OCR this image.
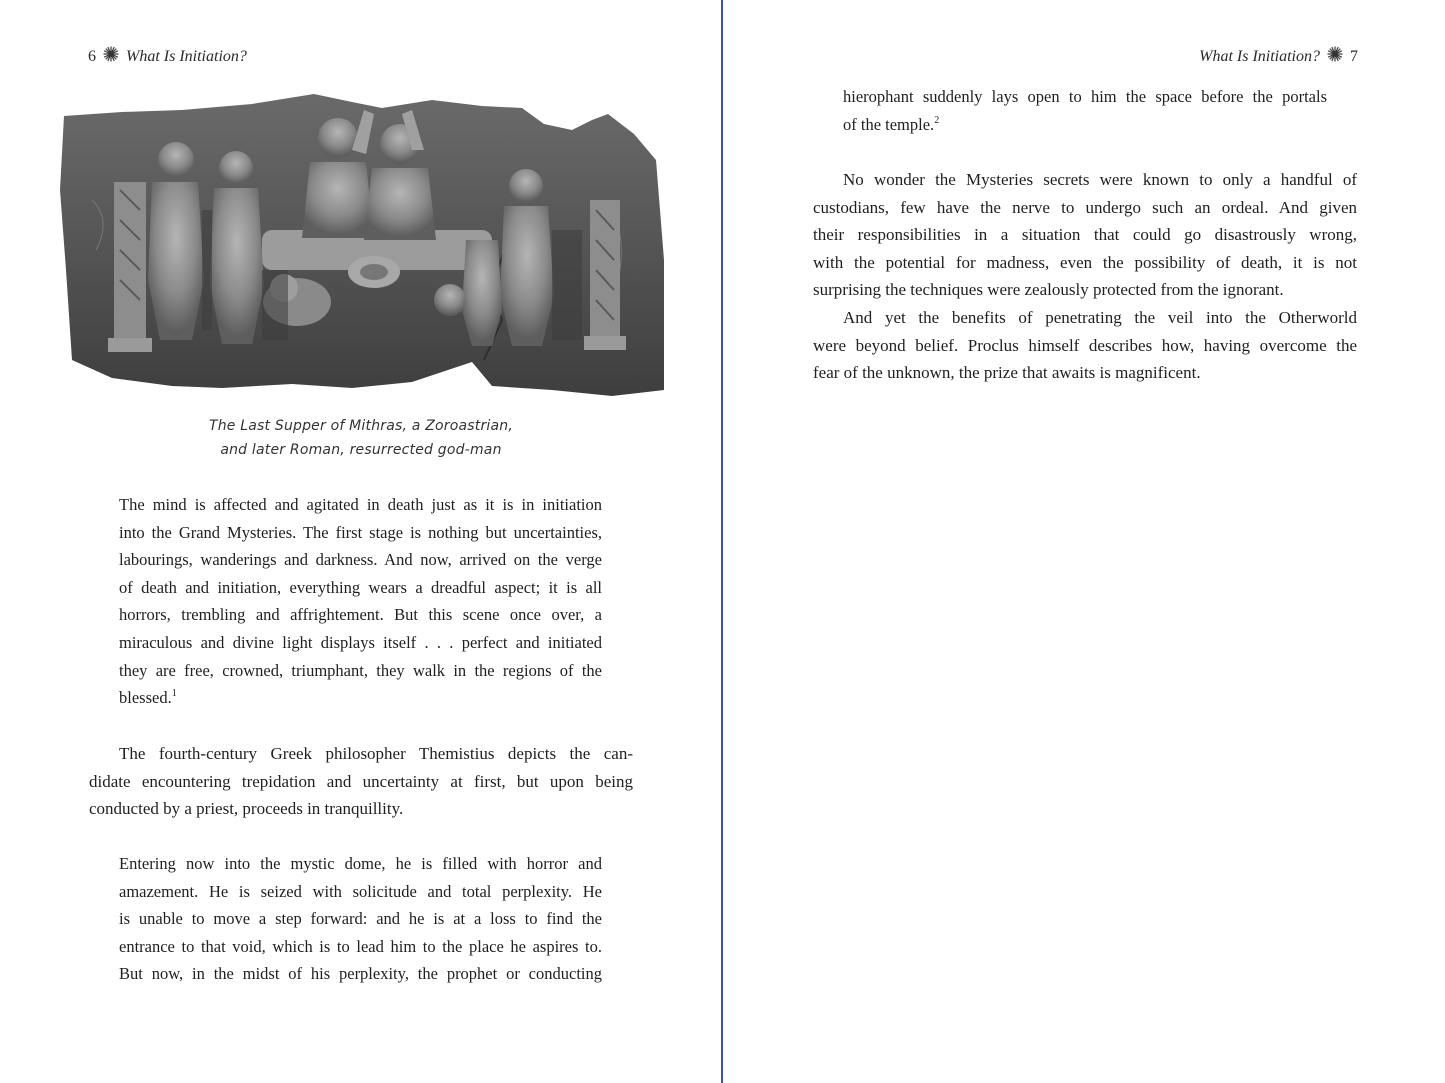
6 What Is Initiation?
The Last Supper of Mithras, a Zoroastrian,
and later Roman, resurrected god-man
The mind is affected and agitated in death just as it is in initiation
into the Grand Mysteries. The first stage is nothing but uncertainties,
labourings, wanderings and darkness. And now, arrived on the verge
of death and initiation, everything wears a dreadful aspect; it is all
horrors, trembling and affrightement. But this scene once over, a
miraculous and divine light displays itself . . . perfect and initiated
they are free, crowned, triumphant, they walk in the regions of the
blessed.$^1$
The fourth-century Greek philosopher Themistius depicts the can-
didate encountering trepidation and uncertainty at first, but upon being
conducted by a priest, proceeds in tranquillity.
Entering now into the mystic dome, he is filled with horror and
amazement. He is seized with solicitude and total perplexity. He
is unable to move a step forward: and he is at a loss to find the
entrance to that void, which is to lead him to the place he aspires to.
But now, in the midst of his perplexity, the prophet or conducting
What Is Initiation? 7
hierophant suddenly lays open to him the space before the portals
of the temple.$^2$
No wonder the Mysteries secrets were known to only a handful of
custodians, few have the nerve to undergo such an ordeal. And given
their responsibilities in a situation that could go disastrously wrong,
with the potential for madness, even the possibility of death, it is not
surprising the techniques were zealously protected from the ignorant.
And yet the benefits of penetrating the veil into the Otherworld
were beyond belief. Proclus himself describes how, having overcome the
fear of the unknown, the prize that awaits is magnificent.
